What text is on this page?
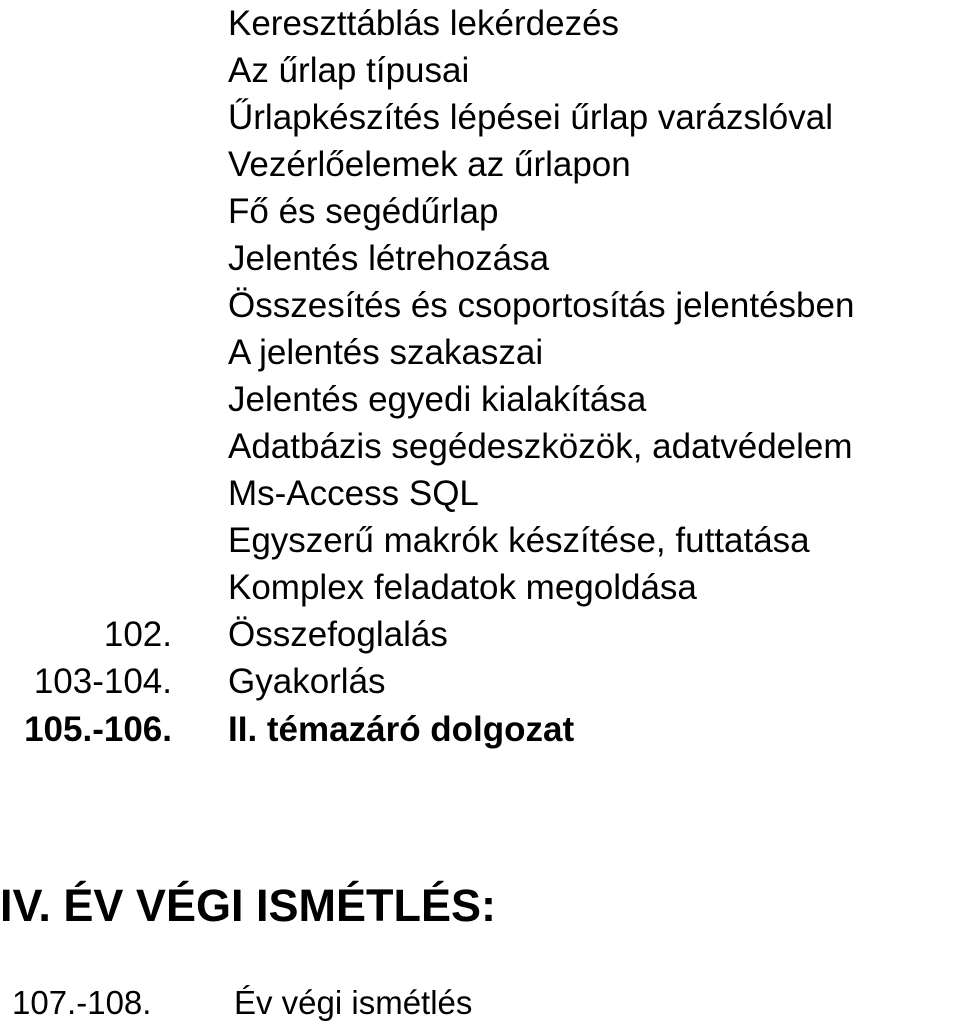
Kereszttáblás lekérdezés
Az űrlap típusai
Űrlapkészítés lépései űrlap varázslóval
Vezérlőelemek az űrlapon
Fő és segédűrlap
Jelentés létrehozása
Összesítés és csoportosítás jelentésben
A jelentés szakaszai
Jelentés egyedi kialakítása
Adatbázis segédeszközök, adatvédelem
Ms-Access SQL
Egyszerű makrók készítése, futtatása
Komplex feladatok megoldása
102. Összefoglalás
103-104. Gyakorlás
105.-106. II. témazáró dolgozat
IV. ÉV VÉGI ISMÉTLÉS:
107.-108.	Év végi ismétlés
